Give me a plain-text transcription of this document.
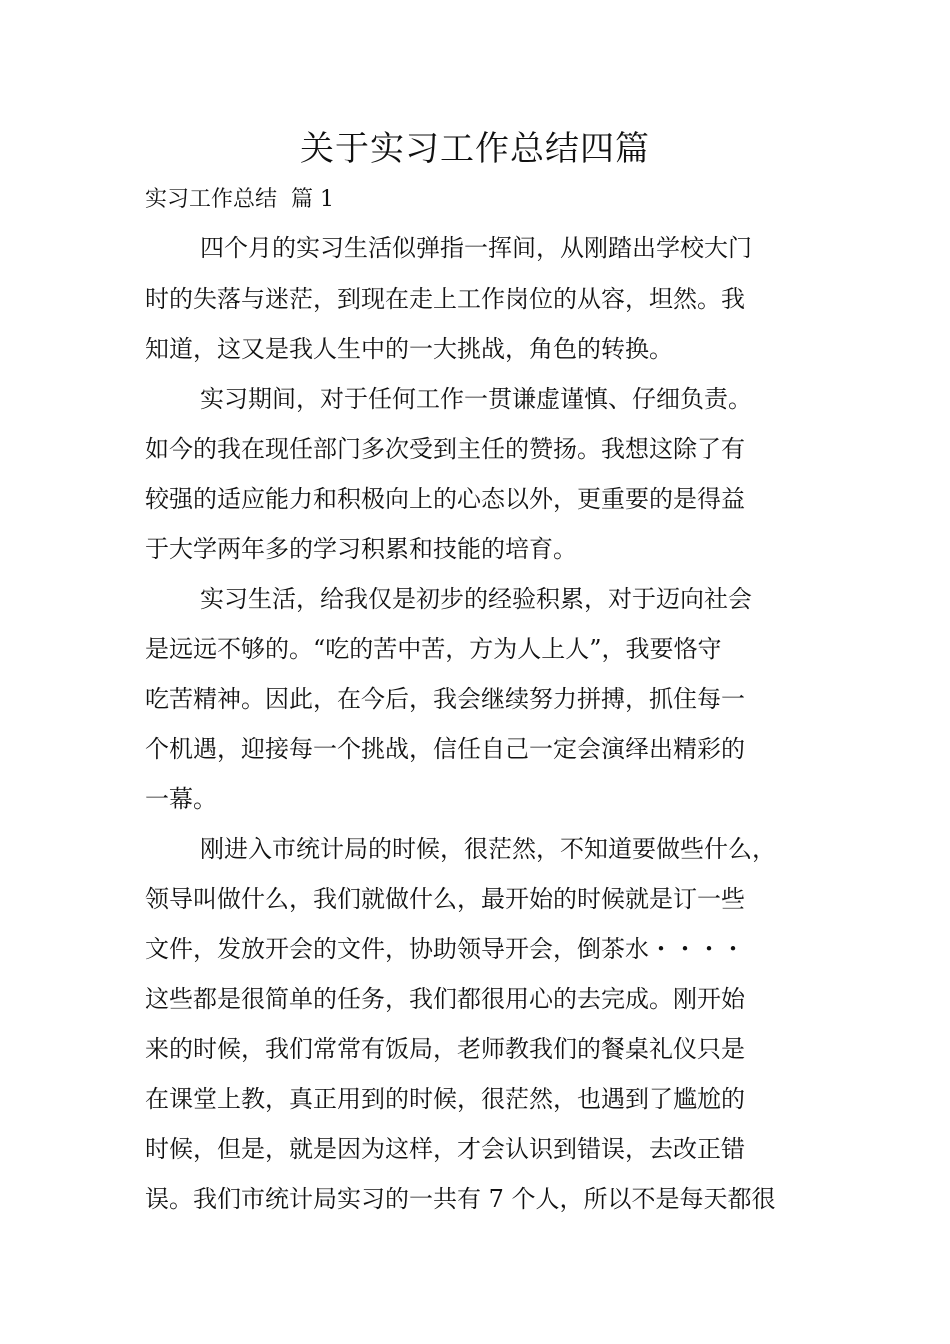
关于实习工作总结四篇
实习工作总结  篇 1

四个月的实习生活似弹指一挥间，从刚踏出学校大门

时的失落与迷茫，到现在走上工作岗位的从容，坦然。我

知道，这又是我人生中的一大挑战，角色的转换。

实习期间，对于任何工作一贯谦虚谨慎、仔细负责。

如今的我在现任部门多次受到主任的赞扬。我想这除了有

较强的适应能力和积极向上的心态以外，更重要的是得益

于大学两年多的学习积累和技能的培育。

实习生活，给我仅是初步的经验积累，对于迈向社会

是远远不够的。“吃的苦中苦，方为人上人”，我要恪守

吃苦精神。因此，在今后，我会继续努力拼搏，抓住每一

个机遇，迎接每一个挑战，信任自己一定会演绎出精彩的

一幕。

刚进入市统计局的时候，很茫然，不知道要做些什么，

领导叫做什么，我们就做什么，最开始的时候就是订一些

文件，发放开会的文件，协助领导开会，倒茶水・・・・

这些都是很简单的任务，我们都很用心的去完成。刚开始

来的时候，我们常常有饭局，老师教我们的餐桌礼仪只是

在课堂上教，真正用到的时候，很茫然，也遇到了尴尬的

时候，但是，就是因为这样，才会认识到错误，去改正错

误。我们市统计局实习的一共有 7 个人，所以不是每天都很
